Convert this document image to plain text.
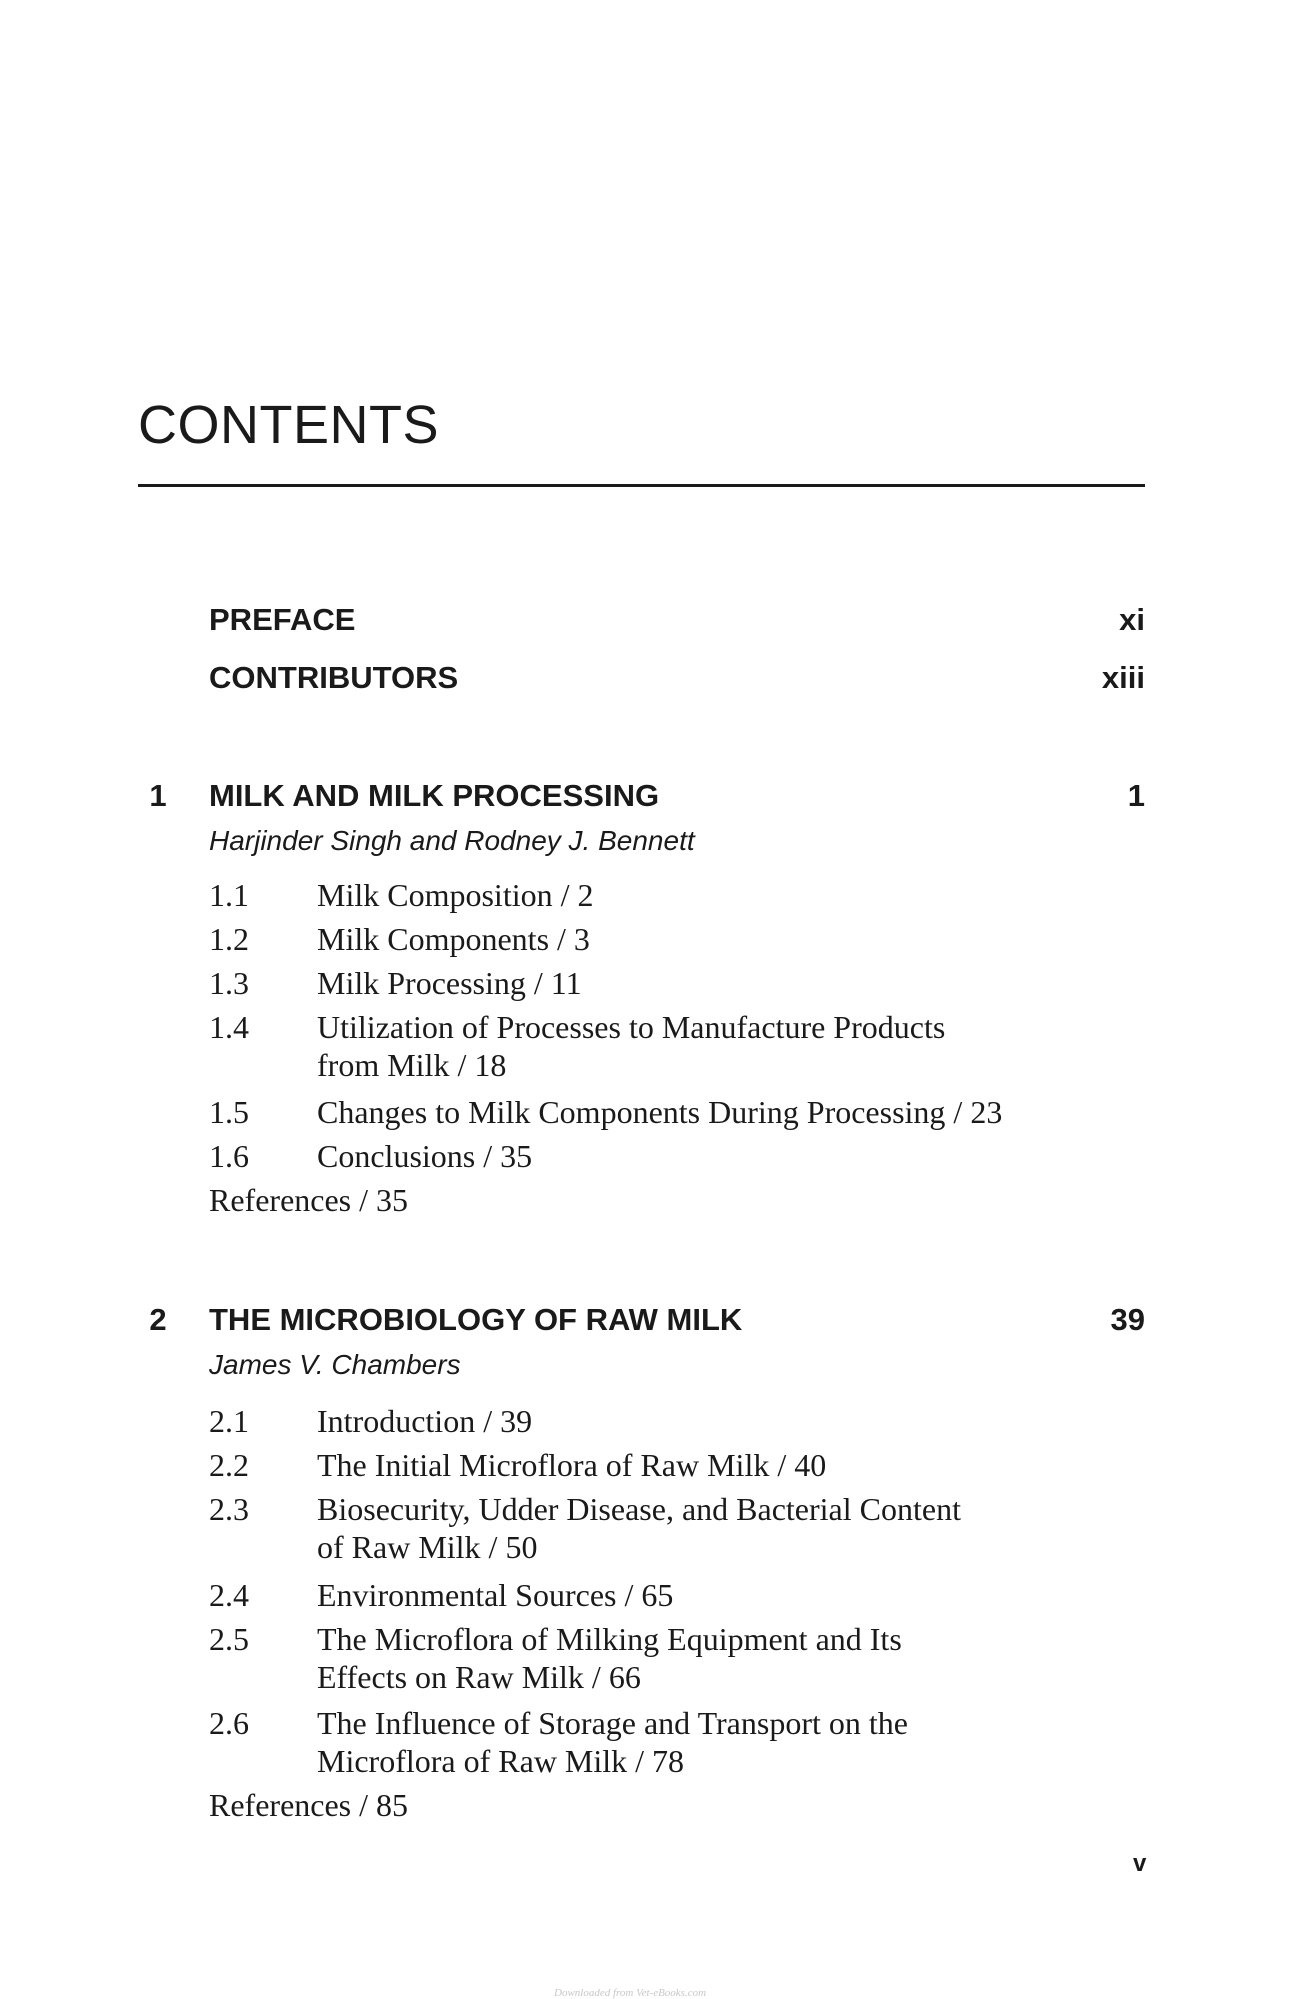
CONTENTS
PREFACE	xi
CONTRIBUTORS	xiii
1	MILK AND MILK PROCESSING	1
Harjinder Singh and Rodney J. Bennett
1.1	Milk Composition / 2
1.2	Milk Components / 3
1.3	Milk Processing / 11
1.4	Utilization of Processes to Manufacture Products
from Milk / 18
1.5	Changes to Milk Components During Processing / 23
1.6	Conclusions / 35
References / 35
2	THE MICROBIOLOGY OF RAW MILK	39
James V. Chambers
2.1	Introduction / 39
2.2	The Initial Microflora of Raw Milk / 40
2.3	Biosecurity, Udder Disease, and Bacterial Content
of Raw Milk / 50
2.4	Environmental Sources / 65
2.5	The Microflora of Milking Equipment and Its
Effects on Raw Milk / 66
2.6	The Influence of Storage and Transport on the
Microflora of Raw Milk / 78
References / 85
v
Downloaded from Vet-eBooks.com
